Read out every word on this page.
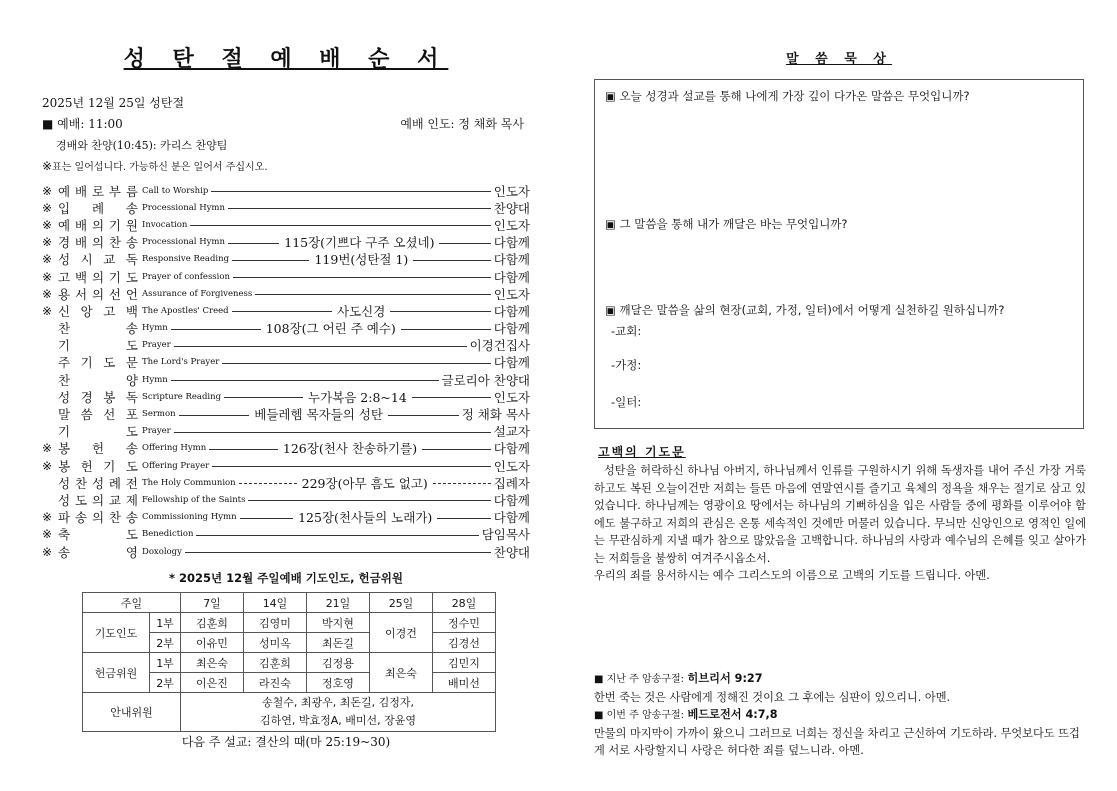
성 탄 절 예 배 순 서
2025년 12월 25일 성탄절
■ 예배: 11:00	예배 인도: 정 채화 목사
경배와 찬양(10:45): 카리스 찬양팀
※표는 일어섭니다. 가능하신 분은 일어서 주십시오.
※ 예 배 로 부 름 Call to Worship	인도자
※ 입 례 송 Processional Hymn	찬양대
※ 예 배 의 기 원 Invocation	인도자
※ 경 배 의 찬 송 Processional Hymn	115장(기쁘다 구주 오셨네)	다함께
※ 성 시 교 독 Responsive Reading	119번(성탄절 1)	다함께
※ 고 백 의 기 도 Prayer of confession	다함께
※ 용 서 의 선 언 Assurance of Forgiveness	인도자
※ 신 앙 고 백 The Apostles' Creed	사도신경	다함께
찬	송 Hymn	108장(그 어린 주 예수)	다함께
기	도 Prayer	이경건집사
주 기 도 문 The Lord's Prayer	다함께
찬	양 Hymn	글로리아 찬양대
성 경 봉 독 Scripture Reading	누가복음 2:8~14	인도자
말 씀 선 포 Sermon	베들레헴 목자들의 성탄	정 채화 목사
기	도 Prayer	설교자
※ 봉 헌 송 Offering Hymn	126장(천사 찬송하기를)	다함께
※ 봉 헌 기 도 Offering Prayer	인도자
성 찬 성 례 전 The Holy Communion	229장(아무 흠도 없고)	집례자
성 도 의 교 제 Fellowship of the Saints	다함께
※ 파 송 의 찬 송 Commissioning Hymn	125장(천사들의 노래가)	다함께
※ 축	도 Benediction	담임목사
※ 송	영 Doxology	찬양대
* 2025년 12월 주일예배 기도인도, 헌금위원
주일		7일	14일	21일	25일	28일
기도인도	1부	김훈희	김영미	박지현	이경건	정수민
	2부	이유민	성미옥	최돈길		김경선
헌금위원	1부	최은숙	김훈희	김정용	최은숙	김민지
	2부	이은진	라진숙	정호영		배미선
안내위원		송철수, 최광우, 최돈길, 김정자,
김하연, 박효정A, 배미선, 장윤영				
다음 주 설교: 결산의 때(마 25:19~30)
말 씀 묵 상
▣ 오늘 성경과 설교를 통해 나에게 가장 깊이 다가온 말씀은 무엇입니까?
▣ 그 말씀을 통해 내가 깨달은 바는 무엇입니까?
▣ 깨달은 말씀을 삶의 현장(교회, 가정, 일터)에서 어떻게 실천하길 원하십니까?
-교회:
-가정:
-일터:
고백의 기도문
성탄을 허락하신 하나님 아버지, 하나님께서 인류를 구원하시기 위해 독생자를 내어 주신 가장 거룩하고도 복된 오늘이건만 저희는 들뜬 마음에 연말연시를 즐기고 육체의 정욕을 채우는 절기로 삼고 있었습니다. 하나님께는 영광이요 땅에서는 하나님의 기뻐하심을 입은 사람들 중에 평화를 이루어야 함에도 불구하고 저희의 관심은 온통 세속적인 것에만 머물러 있습니다. 무늬만 신앙인으로 영적인 일에는 무관심하게 지낼 때가 참으로 많았음을 고백합니다. 하나님의 사랑과 예수님의 은혜를 잊고 살아가는 저희들을 불쌍히 여겨주시옵소서.
우리의 죄를 용서하시는 예수 그리스도의 이름으로 고백의 기도를 드립니다. 아멘.
■ 지난 주 암송구절: 히브리서 9:27
한번 죽는 것은 사람에게 정해진 것이요 그 후에는 심판이 있으리니. 아멘.
■ 이번 주 암송구절: 베드로전서 4:7,8
만물의 마지막이 가까이 왔으니 그러므로 너희는 정신을 차리고 근신하여 기도하라. 무엇보다도 뜨겁게 서로 사랑할지니 사랑은 허다한 죄를 덮느니라. 아멘.
